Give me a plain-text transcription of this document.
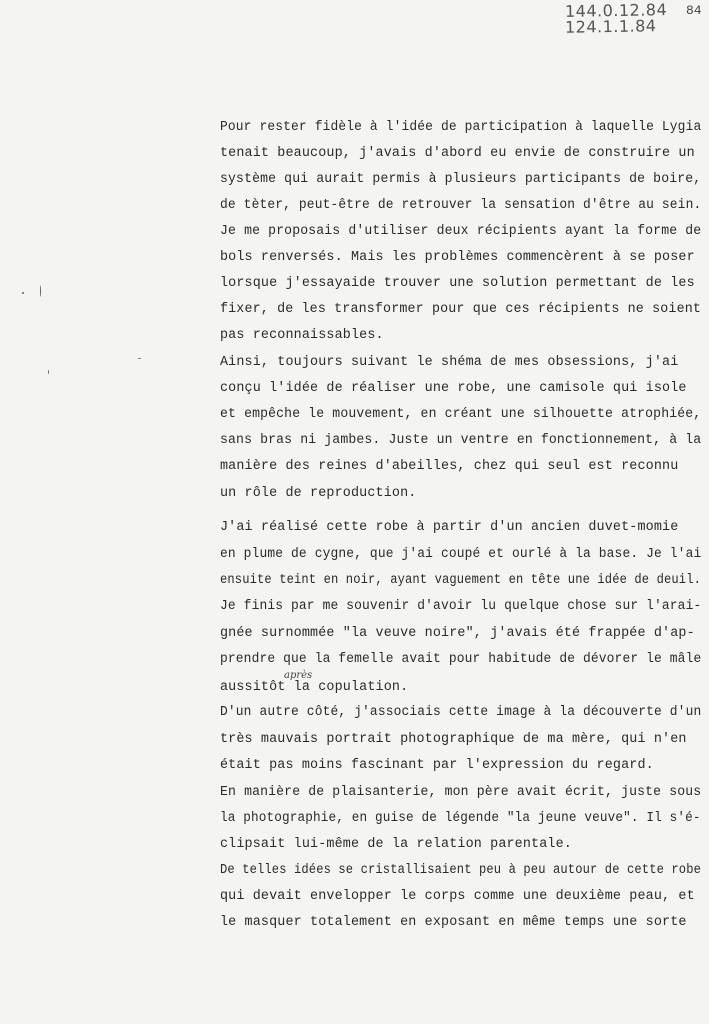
144.0.12.84
124.1.1.84
84
Pour rester fidèle à l'idée de participation à laquelle Lygia
tenait beaucoup, j'avais d'abord eu envie de construire un
système qui aurait permis à plusieurs participants de boire,
de tèter, peut-être de retrouver la sensation d'être au sein.
Je me proposais d'utiliser deux récipients ayant la forme de
bols renversés. Mais les problèmes commencèrent à se poser
lorsque j'essayaide trouver une solution permettant de les
fixer, de les transformer pour que ces récipients ne soient
pas reconnaissables.
Ainsi, toujours suivant le shéma de mes obsessions, j'ai
conçu l'idée de réaliser une robe, une camisole qui isole
et empêche le mouvement, en créant une silhouette atrophiée,
sans bras ni jambes. Juste un ventre en fonctionnement, à la
manière des reines d'abeilles, chez qui seul est reconnu
un rôle de reproduction.
J'ai réalisé cette robe à partir d'un ancien duvet-momie
en plume de cygne, que j'ai coupé et ourlé à la base. Je l'ai
ensuite teint en noir, ayant vaguement en tête une idée de deuil.
Je finis par me souvenir d'avoir lu quelque chose sur l'arai-
gnée surnommée "la veuve noire", j'avais été frappée d'ap-
prendre que la femelle avait pour habitude de dévorer le mâle
aussitôt la copulation.
D'un autre côté, j'associais cette image à la découverte d'un
très mauvais portrait photographique de ma mère, qui n'en
était pas moins fascinant par l'expression du regard.
En manière de plaisanterie, mon père avait écrit, juste sous
la photographie, en guise de légende "la jeune veuve". Il s'é-
clipsait lui-même de la relation parentale.
De telles idées se cristallisaient peu à peu autour de cette robe
qui devait envelopper le corps comme une deuxième peau, et
le masquer totalement en exposant en même temps une sorte
après
